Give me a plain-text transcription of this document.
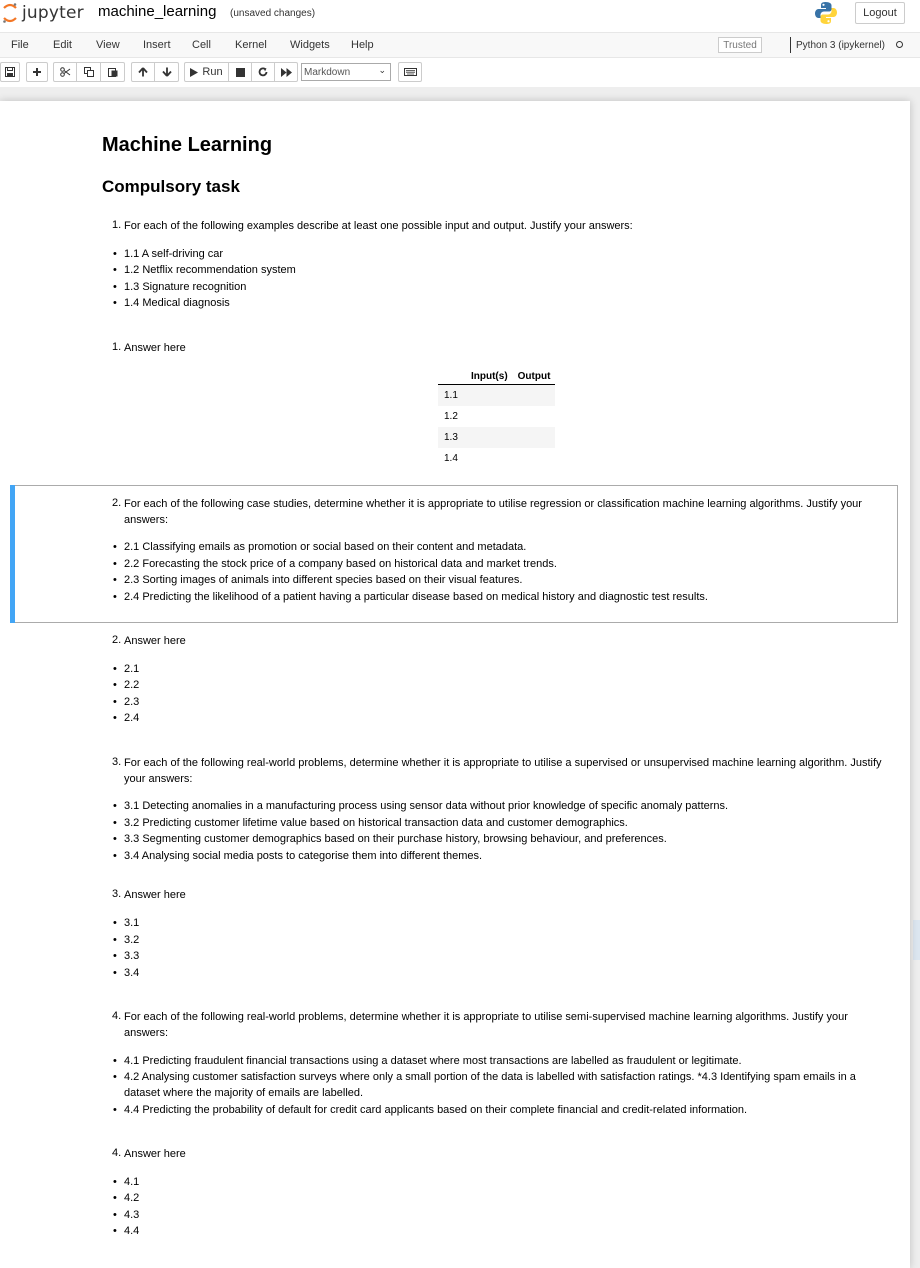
jupyter machine_learning (unsaved changes)	Logout
File Edit View Insert Cell Kernel Widgets Help	Trusted	Python 3 (ipykernel)
Run	Markdown	⌄
Machine Learning
Compulsory task
1. For each of the following examples describe at least one possible input and output. Justify your answers:
• 1.1 A self-driving car
• 1.2 Netflix recommendation system
• 1.3 Signature recognition
• 1.4 Medical diagnosis
1. Answer here
	Input(s)	Output
1.1		
1.2		
1.3		
1.4		
2. For each of the following case studies, determine whether it is appropriate to utilise regression or classification machine learning algorithms. Justify your
answers:
• 2.1 Classifying emails as promotion or social based on their content and metadata.
• 2.2 Forecasting the stock price of a company based on historical data and market trends.
• 2.3 Sorting images of animals into different species based on their visual features.
• 2.4 Predicting the likelihood of a patient having a particular disease based on medical history and diagnostic test results.
2. Answer here
• 2.1
• 2.2
• 2.3
• 2.4
3. For each of the following real-world problems, determine whether it is appropriate to utilise a supervised or unsupervised machine learning algorithm. Justify
your answers:
• 3.1 Detecting anomalies in a manufacturing process using sensor data without prior knowledge of specific anomaly patterns.
• 3.2 Predicting customer lifetime value based on historical transaction data and customer demographics.
• 3.3 Segmenting customer demographics based on their purchase history, browsing behaviour, and preferences.
• 3.4 Analysing social media posts to categorise them into different themes.
3. Answer here
• 3.1
• 3.2
• 3.3
• 3.4
4. For each of the following real-world problems, determine whether it is appropriate to utilise semi-supervised machine learning algorithms. Justify your
answers:
• 4.1 Predicting fraudulent financial transactions using a dataset where most transactions are labelled as fraudulent or legitimate.
• 4.2 Analysing customer satisfaction surveys where only a small portion of the data is labelled with satisfaction ratings. *4.3 Identifying spam emails in a
dataset where the majority of emails are labelled.
• 4.4 Predicting the probability of default for credit card applicants based on their complete financial and credit-related information.
4. Answer here
• 4.1
• 4.2
• 4.3
• 4.4
